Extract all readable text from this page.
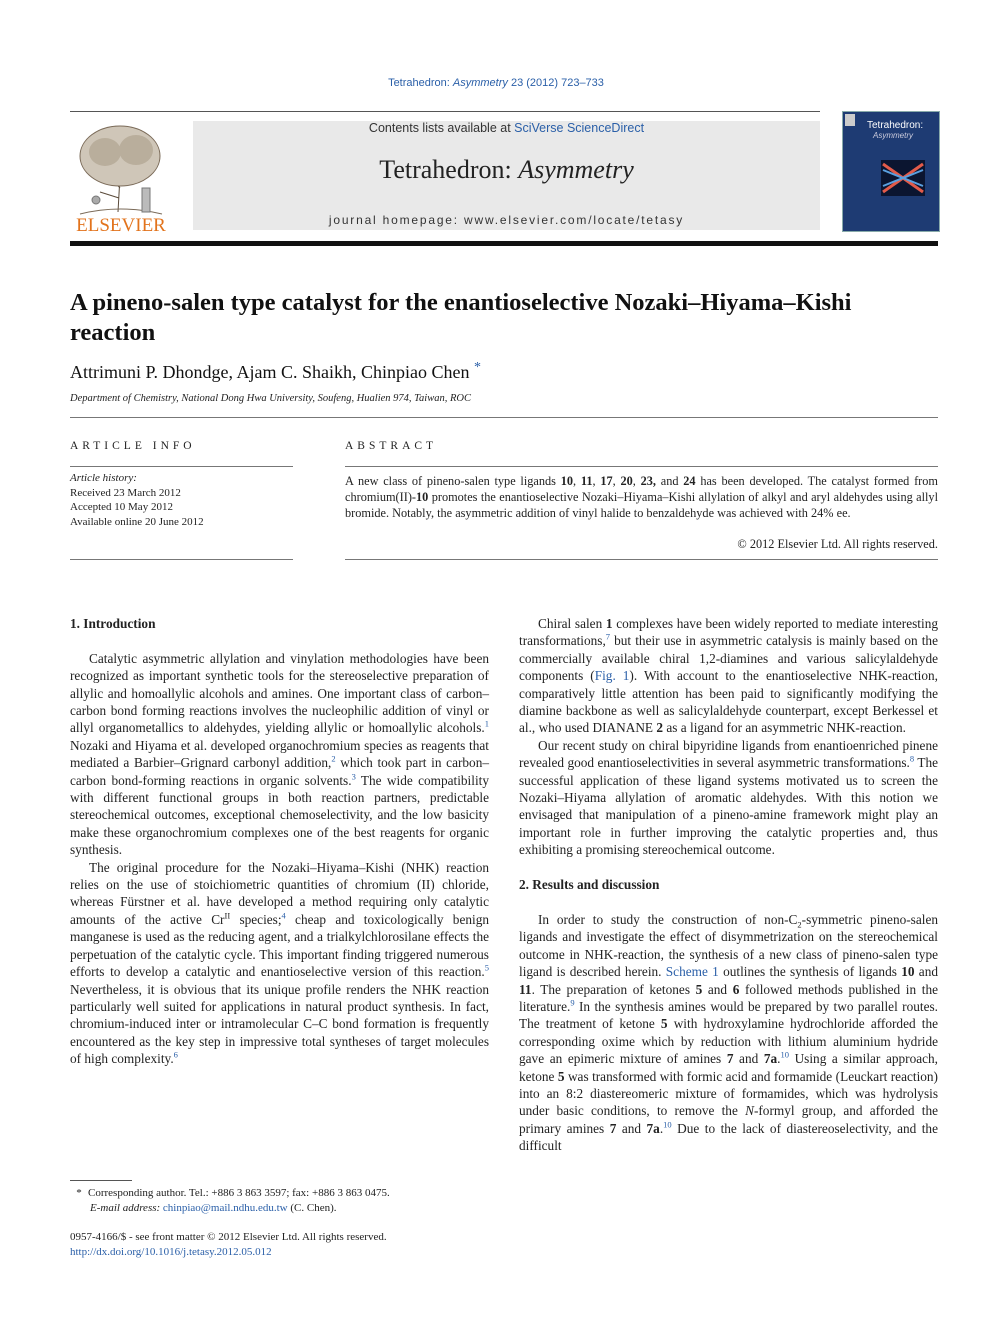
Tetrahedron: Asymmetry 23 (2012) 723–733
ELSEVIER
Contents lists available at SciVerse ScienceDirect
Tetrahedron: Asymmetry
journal homepage: www.elsevier.com/locate/tetasy
Tetrahedron:
Asymmetry
A pineno-salen type catalyst for the enantioselective Nozaki–Hiyama–Kishi reaction
Attrimuni P. Dhondge, Ajam C. Shaikh, Chinpiao Chen *
Department of Chemistry, National Dong Hwa University, Soufeng, Hualien 974, Taiwan, ROC
ARTICLE INFO
Article history:
Received 23 March 2012
Accepted 10 May 2012
Available online 20 June 2012
ABSTRACT
A new class of pineno-salen type ligands 10, 11, 17, 20, 23, and 24 has been developed. The catalyst formed from chromium(II)-10 promotes the enantioselective Nozaki–Hiyama–Kishi allylation of alkyl and aryl aldehydes using allyl bromide. Notably, the asymmetric addition of vinyl halide to benzaldehyde was achieved with 24% ee.
© 2012 Elsevier Ltd. All rights reserved.
1. Introduction

Catalytic asymmetric allylation and vinylation methodologies have been recognized as important synthetic tools for the stereoselective preparation of allylic and homoallylic alcohols and amines. One important class of carbon–carbon bond forming reactions involves the nucleophilic addition of vinyl or allyl organometallics to aldehydes, yielding allylic or homoallylic alcohols.$^1$ Nozaki and Hiyama et al. developed organochromium species as reagents that mediated a Barbier–Grignard carbonyl addition,$^2$ which took part in carbon–carbon bond-forming reactions in organic solvents.$^3$ The wide compatibility with different functional groups in both reaction partners, predictable stereochemical outcomes, exceptional chemoselectivity, and the low basicity make these organochromium complexes one of the best reagents for organic synthesis.

The original procedure for the Nozaki–Hiyama–Kishi (NHK) reaction relies on the use of stoichiometric quantities of chromium (II) chloride, whereas Fürstner et al. have developed a method requiring only catalytic amounts of the active $Cr^{II}$ species;$^4$ cheap and toxicologically benign manganese is used as the reducing agent, and a trialkylchlorosilane effects the perpetuation of the catalytic cycle. This important finding triggered numerous efforts to develop a catalytic and enantioselective version of this reaction.$^5$ Nevertheless, it is obvious that its unique profile renders the NHK reaction particularly well suited for applications in natural product synthesis. In fact, chromium-induced inter or intramolecular C–C bond formation is frequently encountered as the key step in impressive total syntheses of target molecules of high complexity.$^6$

Chiral salen 1 complexes have been widely reported to mediate interesting transformations,$^7$ but their use in asymmetric catalysis is mainly based on the commercially available chiral 1,2-diamines and various salicylaldehyde components (Fig. 1). With account to the enantioselective NHK-reaction, comparatively little attention has been paid to significantly modifying the diamine backbone as well as salicylaldehyde counterpart, except Berkessel et al., who used DIANANE 2 as a ligand for an asymmetric NHK-reaction.

Our recent study on chiral bipyridine ligands from enantioenriched pinene revealed good enantioselectivities in several asymmetric transformations.$^8$ The successful application of these ligand systems motivated us to screen the Nozaki–Hiyama allylation of aromatic aldehydes. With this notion we envisaged that manipulation of a pineno-amine framework might play an important role in further improving the catalytic properties and, thus exhibiting a promising stereochemical outcome.

2. Results and discussion

In order to study the construction of non-$C_2$-symmetric pineno-salen ligands and investigate the effect of disymmetrization on the stereochemical outcome in NHK-reaction, the synthesis of a new class of pineno-salen type ligand is described herein. Scheme 1 outlines the synthesis of ligands 10 and 11. The preparation of ketones 5 and 6 followed methods published in the literature.$^9$ In the synthesis amines would be prepared by two parallel routes. The treatment of ketone 5 with hydroxylamine hydrochloride afforded the corresponding oxime which by reduction with lithium aluminium hydride gave an epimeric mixture of amines 7 and 7a.$^{10}$ Using a similar approach, ketone 5 was transformed with formic acid and formamide (Leuckart reaction) into an 8:2 diastereomeric mixture of formamides, which was hydrolysis under basic conditions, to remove the N-formyl group, and afforded the primary amines 7 and 7a.$^{10}$ Due to the lack of diastereoselectivity, and the difficult

* Corresponding author. Tel.: +886 3 863 3597; fax: +886 3 863 0475.
E-mail address: chinpiao@mail.ndhu.edu.tw (C. Chen).
0957-4166/$ - see front matter © 2012 Elsevier Ltd. All rights reserved.
http://dx.doi.org/10.1016/j.tetasy.2012.05.012
